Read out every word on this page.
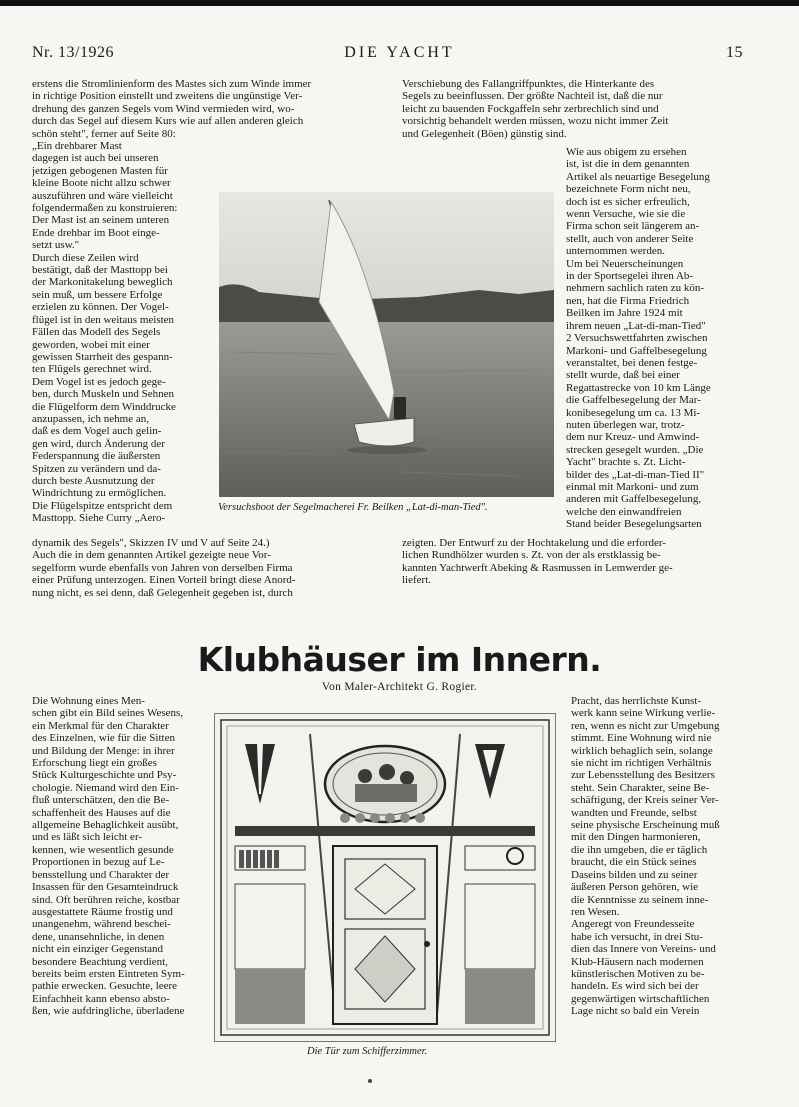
Nr. 13/1926	DIE YACHT	15
erstens die Stromlinienform des Mastes sich zum Winde immer
in richtige Position einstellt und zweitens die ungünstige Ver-
drehung des ganzen Segels vom Wind vermieden wird, wo-
durch das Segel auf diesem Kurs wie auf allen anderen gleich
schön steht", ferner auf Seite 80:
„Ein drehbarer Mast
dagegen ist auch bei unseren
jetzigen gebogenen Masten für
kleine Boote nicht allzu schwer
auszuführen und wäre vielleicht
folgendermaßen zu konstruieren:
Der Mast ist an seinem unteren
Ende drehbar im Boot einge-
setzt usw."
Durch diese Zeilen wird
bestätigt, daß der Masttopp bei
der Markonitakelung beweglich
sein muß, um bessere Erfolge
erzielen zu können. Der Vogel-
flügel ist in den weitaus meisten
Fällen das Modell des Segels
geworden, wobei mit einer
gewissen Starrheit des gespann-
ten Flügels gerechnet wird.
Dem Vogel ist es jedoch gege-
ben, durch Muskeln und Sehnen
die Flügelform dem Winddrucke
anzupassen, ich nehme an,
daß es dem Vogel auch gelin-
gen wird, durch Änderung der
Federspannung die äußersten
Spitzen zu verändern und da-
durch beste Ausnutzung der
Windrichtung zu ermöglichen.
Die Flügelspitze entspricht dem
Masttopp. Siehe Curry „Aero-
dynamik des Segels", Skizzen IV und V auf Seite 24.)
Auch die in dem genannten Artikel gezeigte neue Vor-
segelform wurde ebenfalls von Jahren von derselben Firma
einer Prüfung unterzogen. Einen Vorteil bringt diese Anord-
nung nicht, es sei denn, daß Gelegenheit gegeben ist, durch
Verschiebung des Fallangriffpunktes, die Hinterkante des
Segels zu beeinflussen. Der größte Nachteil ist, daß die nur
leicht zu bauenden Fockgaffeln sehr zerbrechlich sind und
vorsichtig behandelt werden müssen, wozu nicht immer Zeit
und Gelegenheit (Böen) günstig sind.
Wie aus obigem zu ersehen
ist, ist die in dem genannten
Artikel als neuartige Besegelung
bezeichnete Form nicht neu,
doch ist es sicher erfreulich,
wenn Versuche, wie sie die
Firma schon seit längerem an-
stellt, auch von anderer Seite
unternommen werden.
Um bei Neuerscheinungen
in der Sportsegelei ihren Ab-
nehmern sachlich raten zu kön-
nen, hat die Firma Friedrich
Beilken im Jahre 1924 mit
ihrem neuen „Lat-di-man-Tied"
2 Versuchswettfahrten zwischen
Markoni- und Gaffelbesegelung
veranstaltet, bei denen festge-
stellt wurde, daß bei einer
Regattastrecke von 10 km Länge
die Gaffelbesegelung der Mar-
konibesegelung um ca. 13 Mi-
nuten überlegen war, trotz-
dem nur Kreuz- und Amwind-
strecken gesegelt wurden. „Die
Yacht" brachte s. Zt. Licht-
bilder des „Lat-di-man-Tied II"
einmal mit Markoni- und zum
anderen mit Gaffelbesegelung,
welche den einwandfreien
Stand beider Besegelungsarten
zeigten. Der Entwurf zu der Hochtakelung und die erforder-
lichen Rundhölzer wurden s. Zt. von der als erstklassig be-
kannten Yachtwerft Abeking & Rasmussen in Lemwerder ge-
liefert.
Versuchsboot der Segelmacherei Fr. Beilken „Lat-di-man-Tied".
Klubhäuser im Innern.
Von Maler-Architekt G. Rogier.
Die Wohnung eines Men-
schen gibt ein Bild seines Wesens,
ein Merkmal für den Charakter
des Einzelnen, wie für die Sitten
und Bildung der Menge: in ihrer
Erforschung liegt ein großes
Stück Kulturgeschichte und Psy-
chologie. Niemand wird den Ein-
fluß unterschätzen, den die Be-
schaffenheit des Hauses auf die
allgemeine Behaglichkeit ausübt,
und es läßt sich leicht er-
kennen, wie wesentlich gesunde
Proportionen in bezug auf Le-
bensstellung und Charakter der
Insassen für den Gesamteindruck
sind. Oft berühren reiche, kostbar
ausgestattete Räume frostig und
unangenehm, während beschei-
dene, unansehnliche, in denen
nicht ein einziger Gegenstand
besondere Beachtung verdient,
bereits beim ersten Eintreten Sym-
pathie erwecken. Gesuchte, leere
Einfachheit kann ebenso absto-
ßen, wie aufdringliche, überladene
Pracht, das herrlichste Kunst-
werk kann seine Wirkung verlie-
ren, wenn es nicht zur Umgebung
stimmt. Eine Wohnung wird nie
wirklich behaglich sein, solange
sie nicht im richtigen Verhältnis
zur Lebensstellung des Besitzers
steht. Sein Charakter, seine Be-
schäftigung, der Kreis seiner Ver-
wandten und Freunde, selbst
seine physische Erscheinung muß
mit den Dingen harmonieren,
die ihn umgeben, die er täglich
braucht, die ein Stück seines
Daseins bilden und zu seiner
äußeren Person gehören, wie
die Kenntnisse zu seinem inne-
ren Wesen.
Angeregt von Freundesseite
habe ich versucht, in drei Stu-
dien das Innere von Vereins- und
Klub-Häusern nach modernen
künstlerischen Motiven zu be-
handeln. Es wird sich bei der
gegenwärtigen wirtschaftlichen
Lage nicht so bald ein Verein
Die Tür zum Schifferzimmer.
